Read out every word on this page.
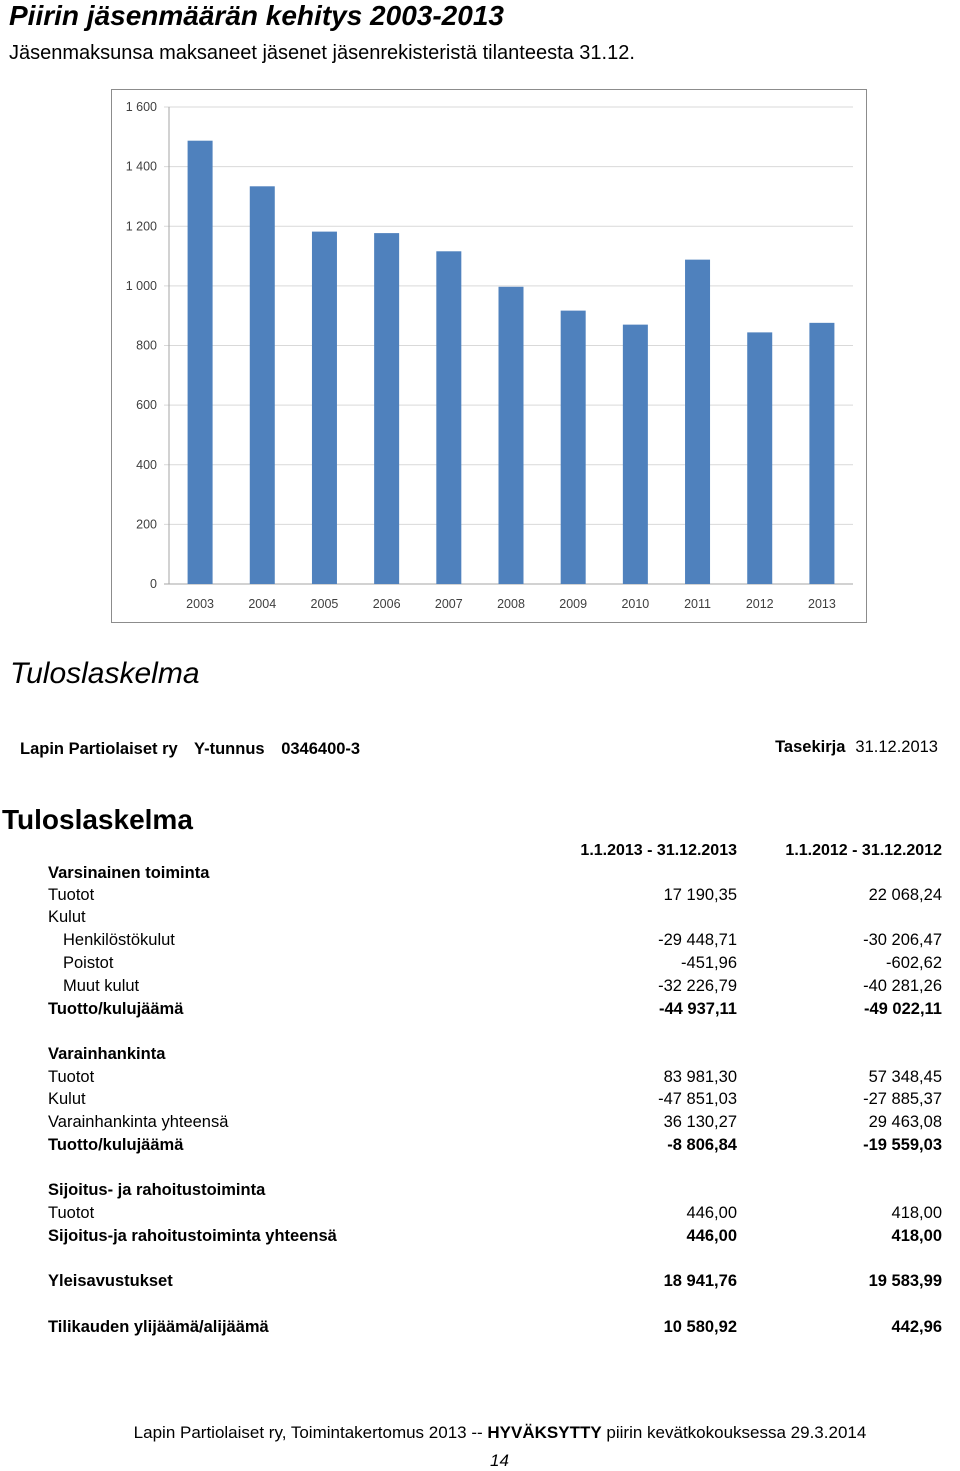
Piirin jäsenmäärän kehitys 2003-2013
Jäsenmaksunsa maksaneet jäsenet jäsenrekisteristä tilanteesta 31.12.
0
200
400
600
800
1 000
1 200
1 400
1 600
2003	2004	2005	2006	2007	2008	2009	2010	2011	2012	2013
Tuloslaskelma
Lapin Partiolaiset ry Y-tunnus 0346400-3	Tasekirja 31.12.2013
Tuloslaskelma
1.1.2013 - 31.12.2013	1.1.2012 - 31.12.2012
Varsinainen toiminta
Tuotot	17 190,35	22 068,24
Kulut
Henkilöstökulut	-29 448,71	-30 206,47
Poistot	-451,96	-602,62
Muut kulut	-32 226,79	-40 281,26
Tuotto/kulujäämä	-44 937,11	-49 022,11
Varainhankinta
Tuotot	83 981,30	57 348,45
Kulut	-47 851,03	-27 885,37
Varainhankinta yhteensä	36 130,27	29 463,08
Tuotto/kulujäämä	-8 806,84	-19 559,03
Sijoitus- ja rahoitustoiminta
Tuotot	446,00	418,00
Sijoitus-ja rahoitustoiminta yhteensä	446,00	418,00
Yleisavustukset	18 941,76	19 583,99
Tilikauden ylijäämä/alijäämä	10 580,92	442,96
Lapin Partiolaiset ry, Toimintakertomus 2013 -- HYVÄKSYTTY piirin kevätkokouksessa 29.3.2014
14
